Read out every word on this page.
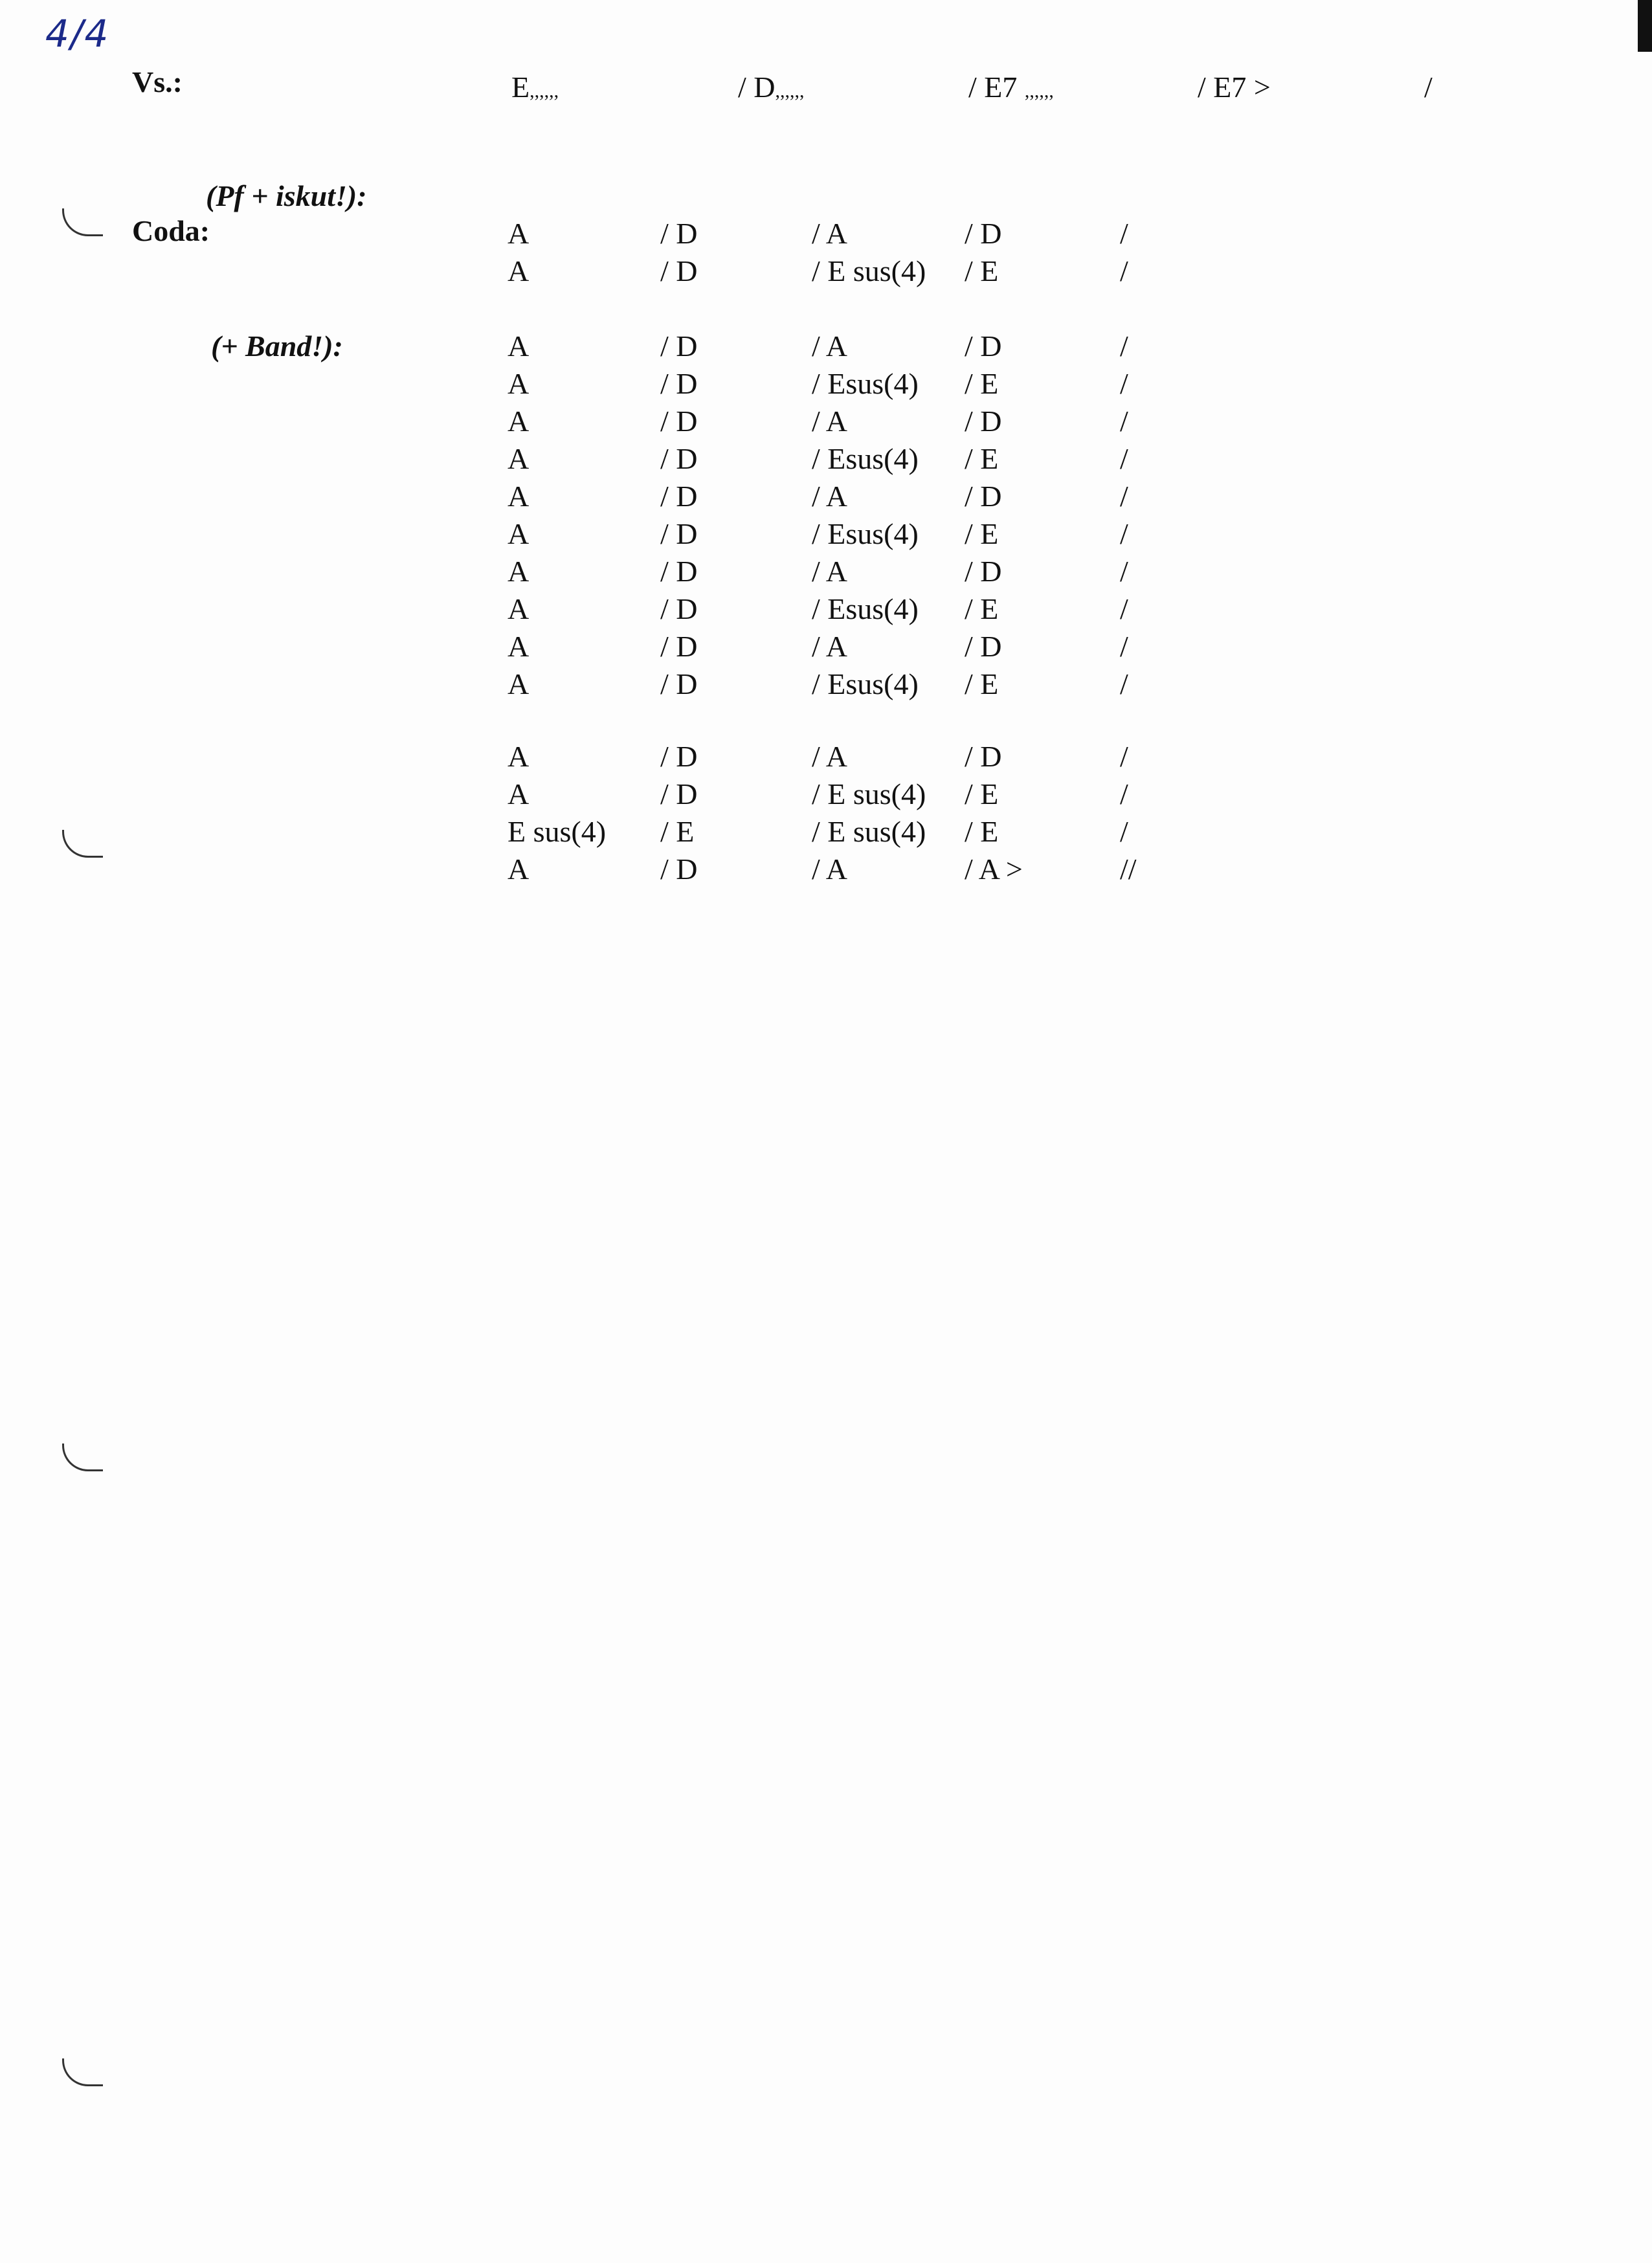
4/4
Vs.:	E,,,,,,	/ D,,,,,,	/ E7 ,,,,,,	/ E7 >	/
(Pf + iskut!):
Coda:	A	/ D	/ A	/ D	/
A	/ D	/ E sus(4) / E	/
(+ Band!):	A	/ D	/ A	/ D	/
A	/ D	/ Esus(4) / E	/
A	/ D	/ A	/ D	/
A	/ D	/ Esus(4) / E	/
A	/ D	/ A	/ D	/
A	/ D	/ Esus(4) / E	/
A	/ D	/ A	/ D	/
A	/ D	/ Esus(4) / E	/
A	/ D	/ A	/ D	/
A	/ D	/ Esus(4) / E	/
A	/ D	/ A	/ D	/
A	/ D	/ E sus(4) / E	/
E sus(4) / E	/ E sus(4) / E	/
A	/ D	/ A	/ A >	//
